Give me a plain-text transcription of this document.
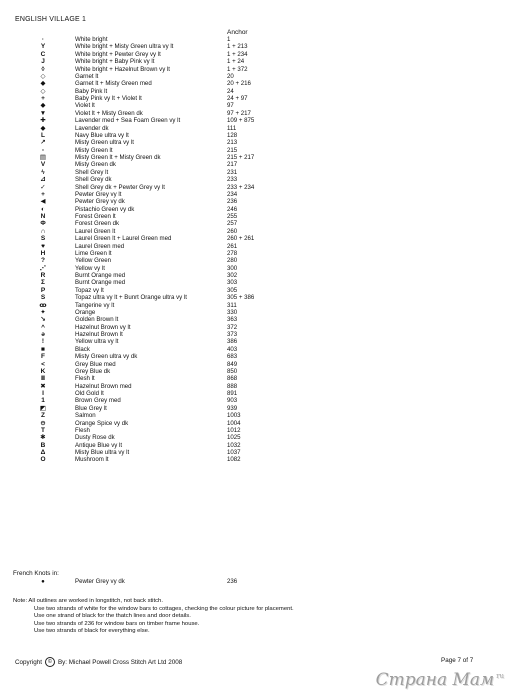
ENGLISH VILLAGE 1
Anchor
·	White bright	1
Y	White bright + Misty Green ultra vy lt	1 + 213
C	White bright + Pewter Grey vy lt	1 + 234
J	White bright + Baby Pink vy lt	1 + 24
◊	White bright + Hazelnut Brown vy lt	1 + 372
◇	Garnet lt	20
◆	Garnet lt + Misty Green med	20 + 216
◇	Baby Pink lt	24
+	Baby Pink vy lt + Violet lt	24 + 97
◆	Violet lt	97
▼	Violet lt + Misty Green dk	97 + 217
✚	Lavender med + Sea Foam Green vy lt	109 + 875
◆	Lavender dk	111
L	Navy Blue ultra vy lt	128
↗	Misty Green ultra vy lt	213
▫	Misty Green lt	215
▤	Misty Green lt + Misty Green dk	215 + 217
V	Misty Green dk	217
ϟ	Shell Grey lt	231
⊿	Shell Grey dk	233
✓	Shell Grey dk + Pewter Grey vy lt	233 + 234
+	Pewter Grey vy lt	234
◀	Pewter Grey vy dk	236
◐	Pistachio Green vy dk	246
N	Forest Green lt	255
Φ	Forest Green dk	257
∩	Laurel Green lt	260
S	Laurel Green lt + Laurel Green med	260 + 261
♥	Laurel Green med	261
H	Lime Green lt	278
?	Yellow Green	280
⋰	Yellow vy lt	300
R	Burnt Orange med	302
Σ	Burnt Orange med	303
P	Topaz vy lt	305
S	Topaz ultra vy lt + Bunrt Orange ultra vy lt	305 + 386
ꝏ	Tangerine vy lt	311
✦	Orange	330
↘	Golden Brown lt	363
^	Hazelnut Brown vy lt	372
ə	Hazelnut Brown lt	373
!	Yellow ultra vy lt	386
■	Black	403
F	Misty Green ultra vy dk	683
<	Grey Blue med	849
K	Grey Blue dk	850
Ⅱ	Flesh lt	868
✖	Hazelnut Brown med	888
I	Old Gold lt	891
1	Brown Grey med	903
◩	Blue Grey lt	939
Z	Salmon	1003
⊖	Orange Spice vy dk	1004
T	Flesh	1012
✱	Dusty Rose dk	1025
B	Antique Blue vy lt	1032
Δ	Misty Blue ultra vy lt	1037
O	Mushroom lt	1082
French Knots in:
●	Pewter Grey vy dk	236
Note: All outlines are worked in longstitch, not back stitch.
Use two strands of white for the window bars to cottages, checking the colour picture for placement.
Use one strand of black for the thatch lines and door details.
Use two strands of 236 for window bars on timber frame house.
Use two strands of black for everything else.
Copyright	© By: Michael Powell Cross Stitch Art Ltd 2008	Page 7 of 7
Страна Мам $^{ru}$
